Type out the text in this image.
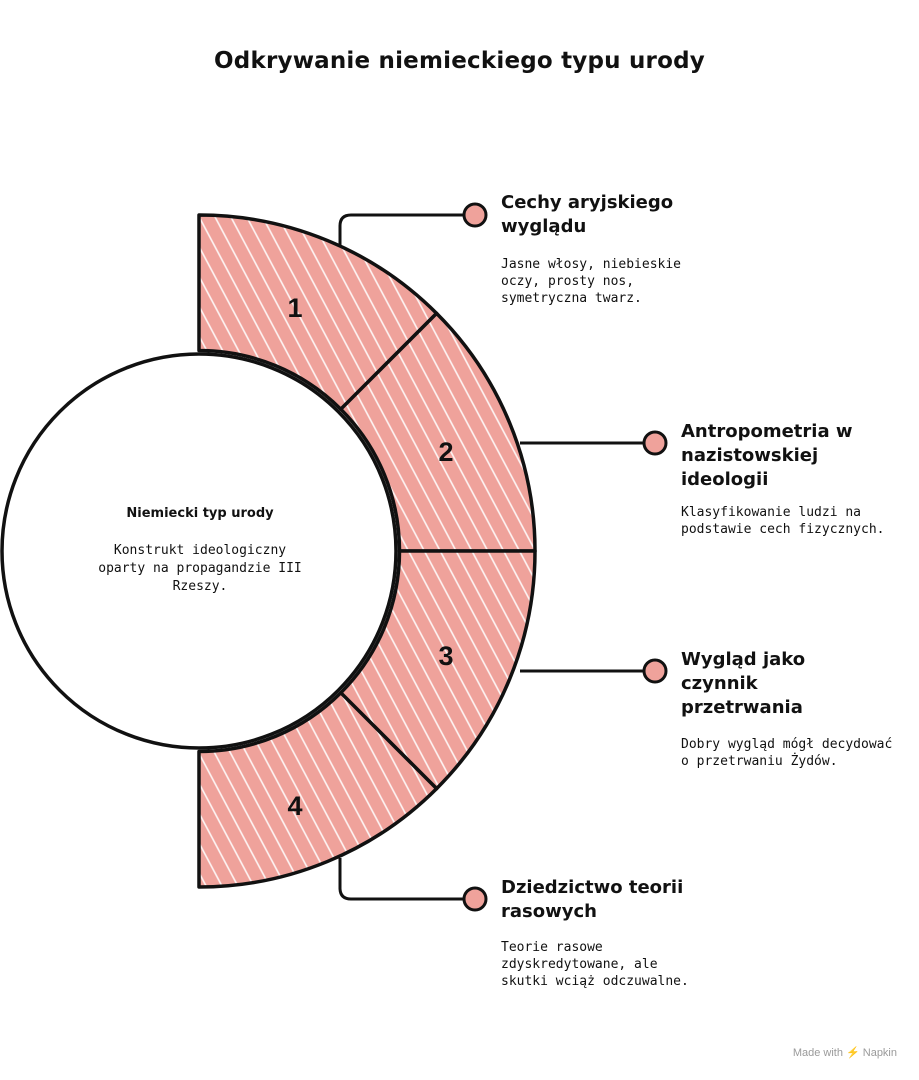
Odkrywanie niemieckiego typu urody
1
2
3
4
Niemiecki typ urody
Konstrukt ideologiczny oparty na propagandzie III Rzeszy.
Cechy aryjskiego wyglądu
Jasne włosy, niebieskie oczy, prosty nos, symetryczna twarz.
Antropometria w nazistowskiej ideologii
Klasyfikowanie ludzi na podstawie cech fizycznych.
Wygląd jako czynnik przetrwania
Dobry wygląd mógł decydować o przetrwaniu Żydów.
Dziedzictwo teorii rasowych
Teorie rasowe zdyskredytowane, ale skutki wciąż odczuwalne.
Made with ⚡ Napkin
